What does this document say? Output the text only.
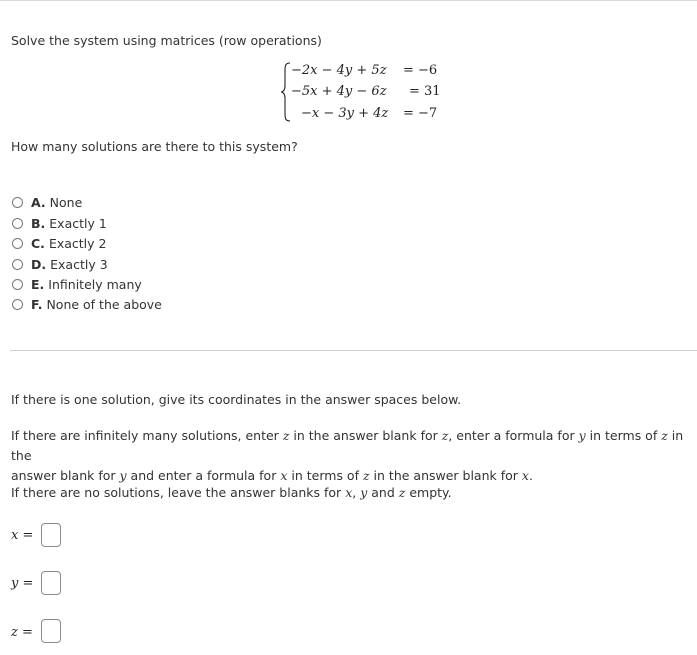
Solve the system using matrices (row operations)
−2x − 4y + 5z = −6
−5x + 4y − 6z = 31
−x − 3y + 4z = −7
How many solutions are there to this system?
A. None
B. Exactly 1
C. Exactly 2
D. Exactly 3
E. Infinitely many
F. None of the above
If there is one solution, give its coordinates in the answer spaces below.
If there are infinitely many solutions, enter z in the answer blank for z, enter a formula for y in terms of z in the
answer blank for y and enter a formula for x in terms of z in the answer blank for x.
If there are no solutions, leave the answer blanks for x, y and z empty.
x =
y =
z =
